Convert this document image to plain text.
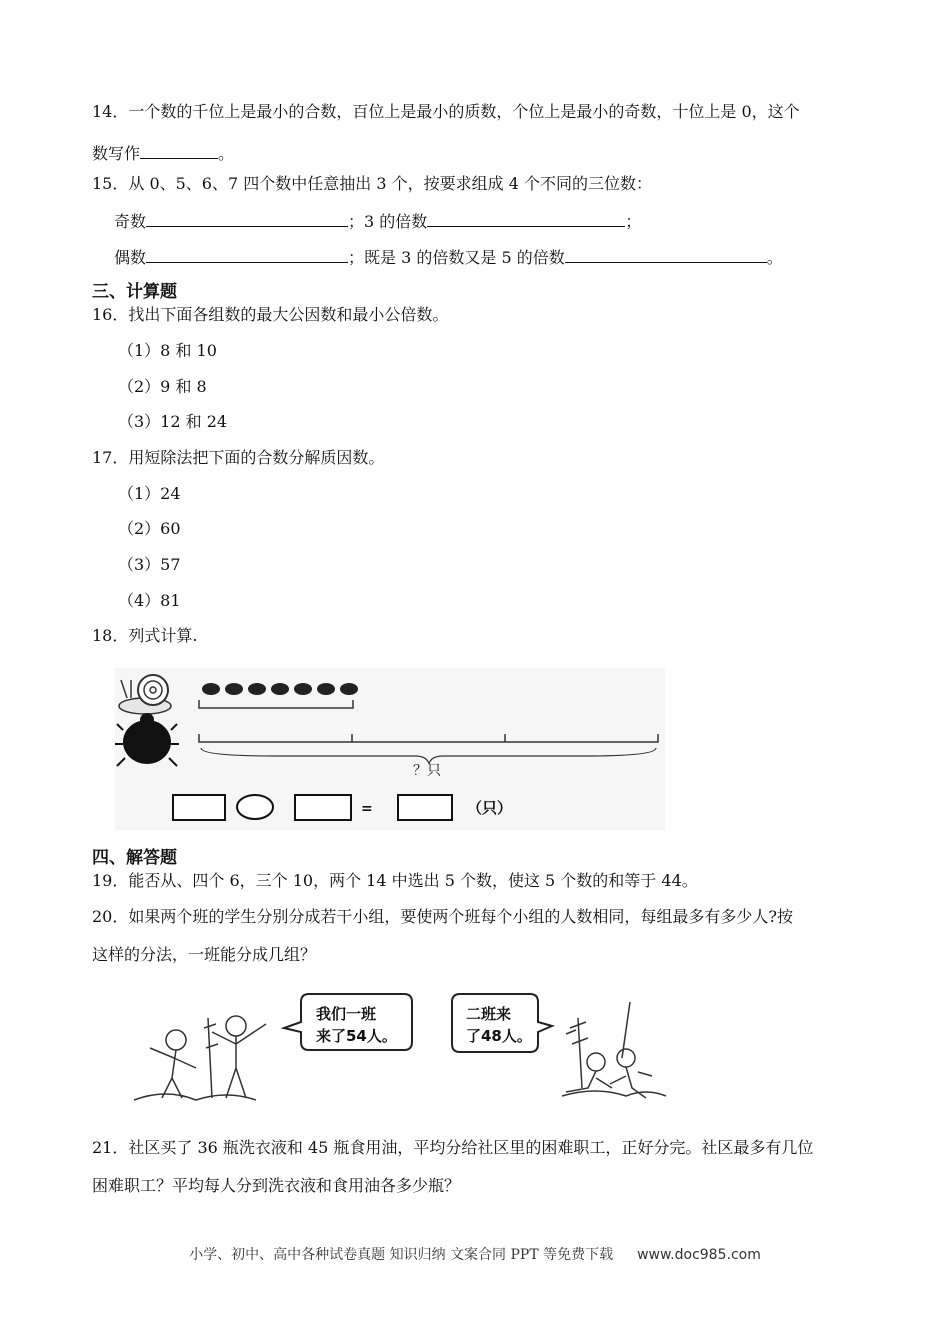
14．一个数的千位上是最小的合数，百位上是最小的质数，个位上是最小的奇数，十位上是 0，这个
数写作	。
15．从 0、5、6、7 四个数中任意抽出 3 个，按要求组成 4 个不同的三位数：
奇数	；3 的倍数	；
偶数	；既是 3 的倍数又是 5 的倍数	。
三、计算题
16．找出下面各组数的最大公因数和最小公倍数。
（1）8 和 10
（2）9 和 8
（3）12 和 24
17．用短除法把下面的合数分解质因数。
（1）24
（2）60
（3）57
（4）81
18．列式计算.
？只
=	（只）
四、解答题
19．能否从、四个 6，三个 10，两个 14 中选出 5 个数，使这 5 个数的和等于 44。
20．如果两个班的学生分别分成若干小组，要使两个班每个小组的人数相同，每组最多有多少人?按
这样的分法，一班能分成几组？
我们一班
来了54人。
二班来
了48人。
21．社区买了 36 瓶洗衣液和 45 瓶食用油，平均分给社区里的困难职工，正好分完。社区最多有几位
困难职工？平均每人分到洗衣液和食用油各多少瓶？
小学、初中、高中各种试卷真题 知识归纳 文案合同 PPT 等免费下载 www.doc985.com
